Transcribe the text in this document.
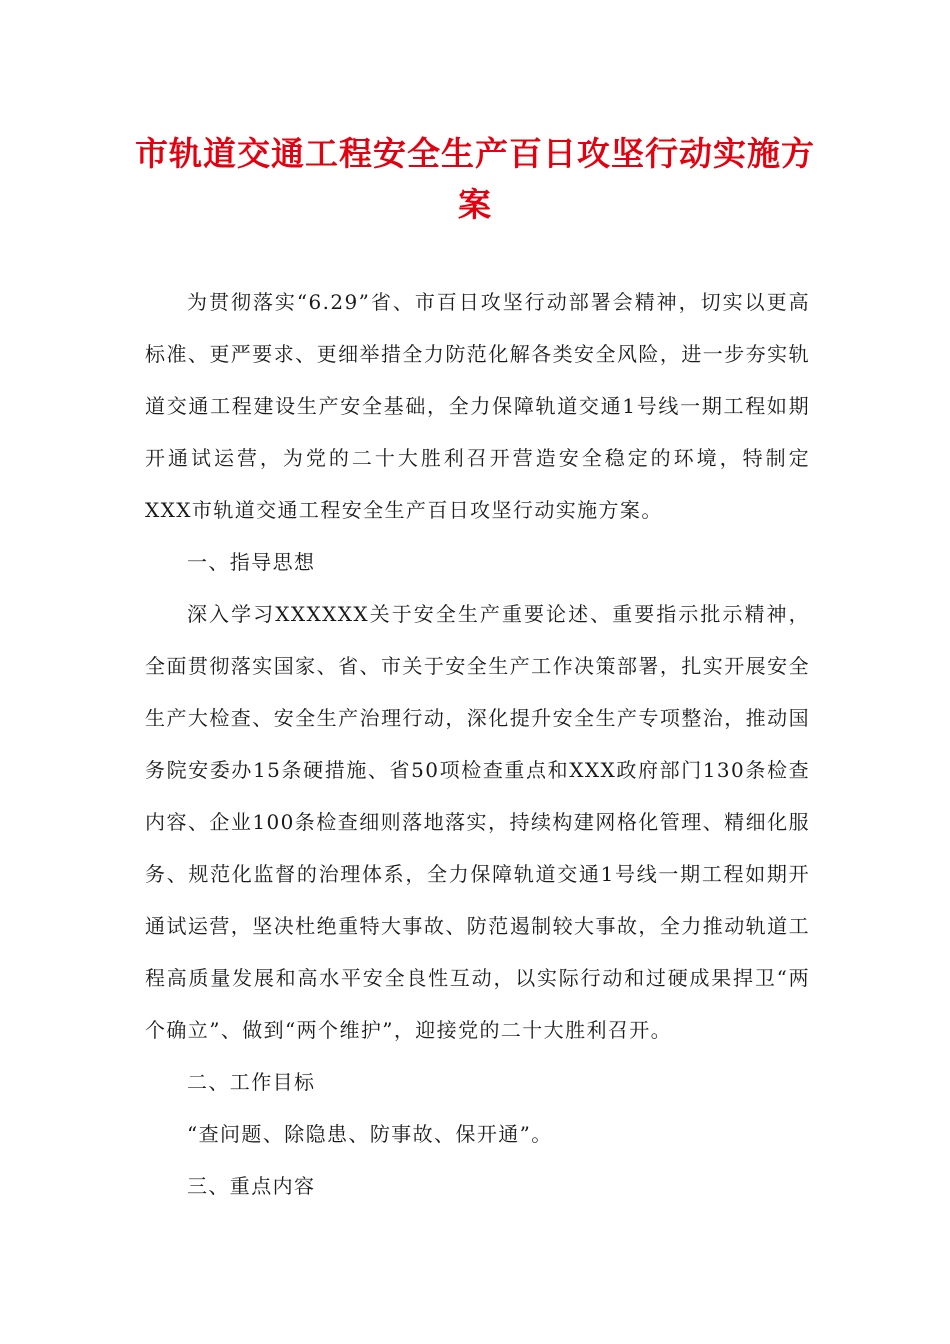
市轨道交通工程安全生产百日攻坚行动实施方案

为贯彻落实“6.29”省、市百日攻坚行动部署会精神，切实以更高标准、更严要求、更细举措全力防范化解各类安全风险，进一步夯实轨道交通工程建设生产安全基础，全力保障轨道交通1号线一期工程如期开通试运营，为党的二十大胜利召开营造安全稳定的环境，特制定XXX市轨道交通工程安全生产百日攻坚行动实施方案。

一、指导思想

深入学习XXXXXX关于安全生产重要论述、重要指示批示精神，全面贯彻落实国家、省、市关于安全生产工作决策部署，扎实开展安全生产大检查、安全生产治理行动，深化提升安全生产专项整治，推动国务院安委办15条硬措施、省50项检查重点和XXX政府部门130条检查内容、企业100条检查细则落地落实，持续构建网格化管理、精细化服务、规范化监督的治理体系，全力保障轨道交通1号线一期工程如期开通试运营，坚决杜绝重特大事故、防范遏制较大事故，全力推动轨道工程高质量发展和高水平安全良性互动，以实际行动和过硬成果捍卫“两个确立”、做到“两个维护”，迎接党的二十大胜利召开。

二、工作目标

“查问题、除隐患、防事故、保开通”。

三、重点内容
